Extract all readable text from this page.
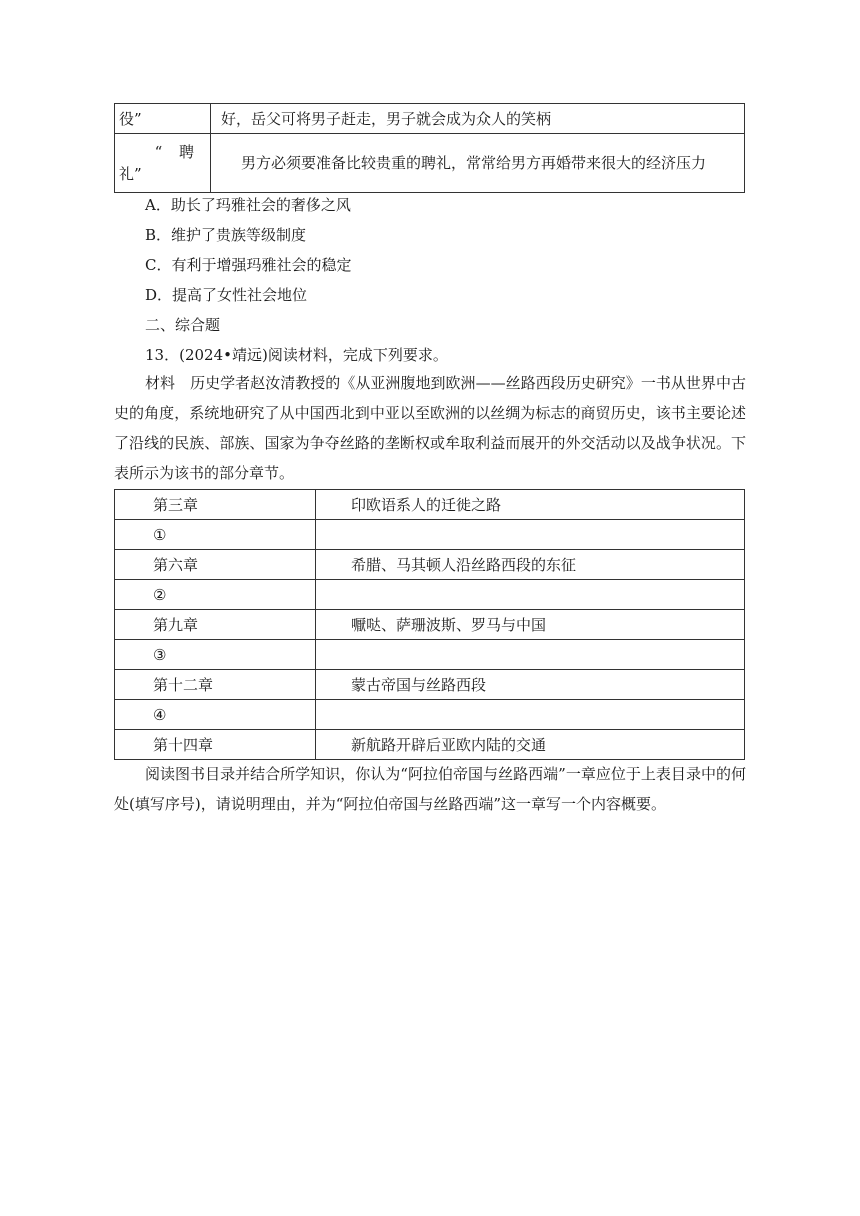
役”	好，岳父可将男子赶走，男子就会成为众人的笑柄

“ 聘
礼”	男方必须要准备比较贵重的聘礼，常常给男方再婚带来很大的经济压力
A．助长了玛雅社会的奢侈之风
B．维护了贵族等级制度
C．有利于增强玛雅社会的稳定
D．提高了女性社会地位
二、综合题
13．(2024•靖远)阅读材料，完成下列要求。
材料　历史学者赵汝清教授的《从亚洲腹地到欧洲——丝路西段历史研究》一书从世界中古史的角度，系统地研究了从中国西北到中亚以至欧洲的以丝绸为标志的商贸历史，该书主要论述了沿线的民族、部族、国家为争夺丝路的垄断权或牟取利益而展开的外交活动以及战争状况。下表所示为该书的部分章节。
第三章	印欧语系人的迁徙之路
①	
第六章	希腊、马其顿人沿丝路西段的东征
②	
第九章	嚈哒、萨珊波斯、罗马与中国
③	
第十二章	蒙古帝国与丝路西段
④	
第十四章	新航路开辟后亚欧内陆的交通
阅读图书目录并结合所学知识，你认为“阿拉伯帝国与丝路西端”一章应位于上表目录中的何处(填写序号)，请说明理由，并为“阿拉伯帝国与丝路西端”这一章写一个内容概要。
